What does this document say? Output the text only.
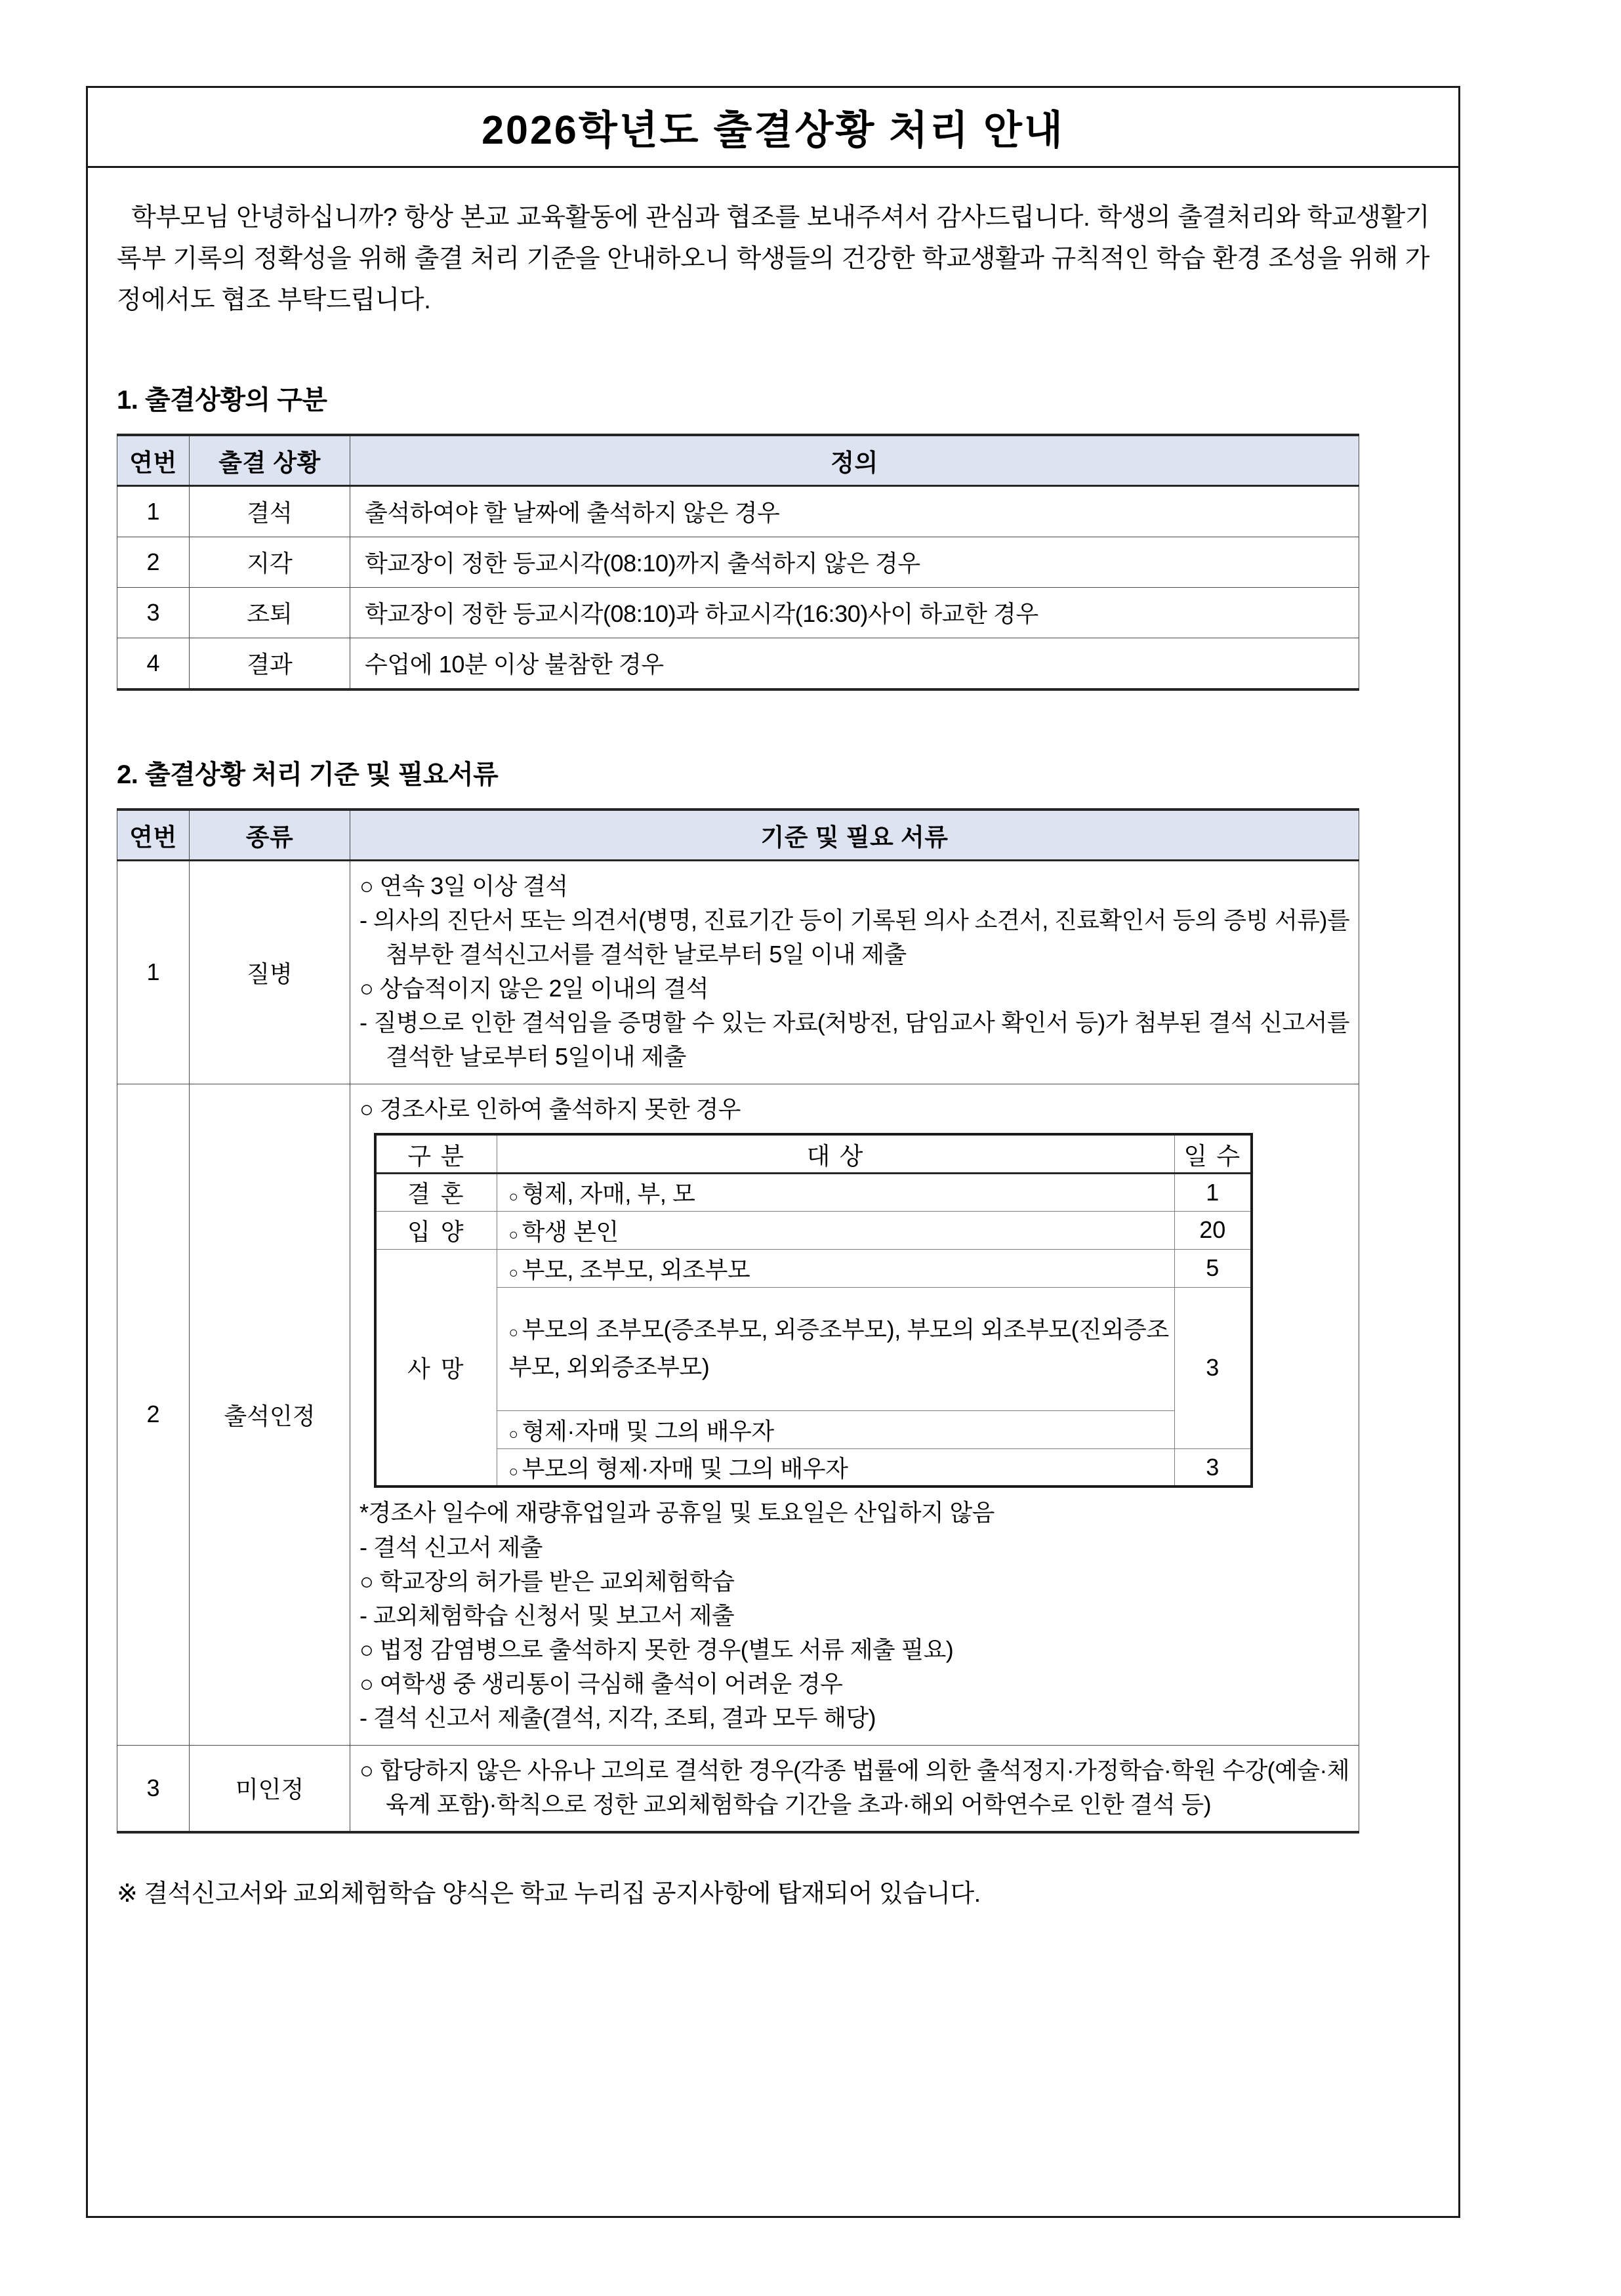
2026학년도 출결상황 처리 안내

학부모님 안녕하십니까? 항상 본교 교육활동에 관심과 협조를 보내주셔서 감사드립니다. 학생의 출결처리와 학교생활기록부 기록의 정확성을 위해 출결 처리 기준을 안내하오니 학생들의 건강한 학교생활과 규칙적인 학습 환경 조성을 위해 가정에서도 협조 부탁드립니다.

1. 출결상황의 구분
연번	출결 상황	정의
1	결석	출석하여야 할 날짜에 출석하지 않은 경우
2	지각	학교장이 정한 등교시각(08:10)까지 출석하지 않은 경우
3	조퇴	학교장이 정한 등교시각(08:10)과 하교시각(16:30)사이 하교한 경우
4	결과	수업에 10분 이상 불참한 경우
2. 출결상황 처리 기준 및 필요서류
연번	종류	기준 및 필요 서류
1	질병	
○ 연속 3일 이상 결석
- 의사의 진단서 또는 의견서(병명, 진료기간 등이 기록된 의사 소견서, 진료확인서 등의 증빙 서류)를 첨부한 결석신고서를 결석한 날로부터 5일 이내 제출
○ 상습적이지 않은 2일 이내의 결석
- 질병으로 인한 결석임을 증명할 수 있는 자료(처방전, 담임교사 확인서 등)가 첨부된 결석 신고서를 결석한 날로부터 5일이내 제출

2	출석인정	
○ 경조사로 인하여 출석하지 못한 경우
구 분	대 상	일 수
결 혼	○ 형제, 자매, 부, 모	1
입 양	○ 학생 본인	20
사 망	○ 부모, 조부모, 외조부모	5
○ 부모의 조부모(증조부모, 외증조부모), 부모의 외조부모(진외증조부모, 외외증조부모)	3
○ 형제·자매 및 그의 배우자
○ 부모의 형제·자매 및 그의 배우자	3
*경조사 일수에 재량휴업일과 공휴일 및 토요일은 산입하지 않음
- 결석 신고서 제출
○ 학교장의 허가를 받은 교외체험학습
- 교외체험학습 신청서 및 보고서 제출
○ 법정 감염병으로 출석하지 못한 경우(별도 서류 제출 필요)
○ 여학생 중 생리통이 극심해 출석이 어려운 경우
- 결석 신고서 제출(결석, 지각, 조퇴, 결과 모두 해당)

3	미인정	
○ 합당하지 않은 사유나 고의로 결석한 경우(각종 법률에 의한 출석정지·가정학습·학원 수강(예술·체육계 포함)·학칙으로 정한 교외체험학습 기간을 초과·해외 어학연수로 인한 결석 등)
※ 결석신고서와 교외체험학습 양식은 학교 누리집 공지사항에 탑재되어 있습니다.
